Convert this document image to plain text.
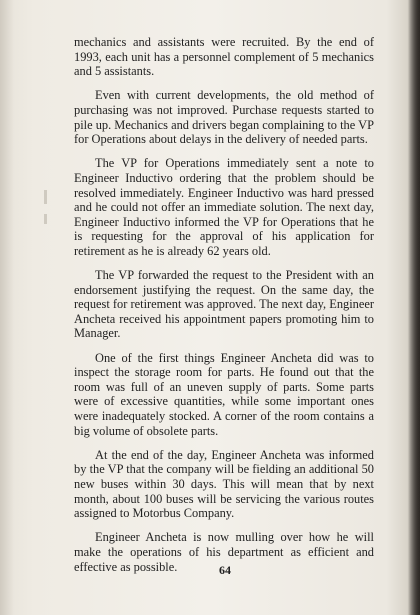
mechanics and assistants were recruited. By the end of 1993, each unit has a personnel complement of 5 mechanics and 5 assistants.

Even with current developments, the old method of purchasing was not improved. Purchase requests started to pile up. Mechanics and drivers began complaining to the VP for Operations about delays in the delivery of needed parts.

The VP for Operations immediately sent a note to Engineer Inductivo ordering that the problem should be resolved immediately. Engineer Inductivo was hard pressed and he could not offer an immediate solution. The next day, Engineer Inductivo informed the VP for Operations that he is requesting for the approval of his application for retirement as he is already 62 years old.

The VP forwarded the request to the President with an endorsement justifying the request. On the same day, the request for retirement was approved. The next day, Engineer Ancheta received his appointment papers promoting him to Manager.

One of the first things Engineer Ancheta did was to inspect the storage room for parts. He found out that the room was full of an uneven supply of parts. Some parts were of excessive quantities, while some important ones were inadequately stocked. A corner of the room contains a big volume of obsolete parts.

At the end of the day, Engineer Ancheta was informed by the VP that the company will be fielding an additional 50 new buses within 30 days. This will mean that by next month, about 100 buses will be servicing the various routes assigned to Motorbus Company.

Engineer Ancheta is now mulling over how he will make the operations of his department as efficient and effective as possible.	64
